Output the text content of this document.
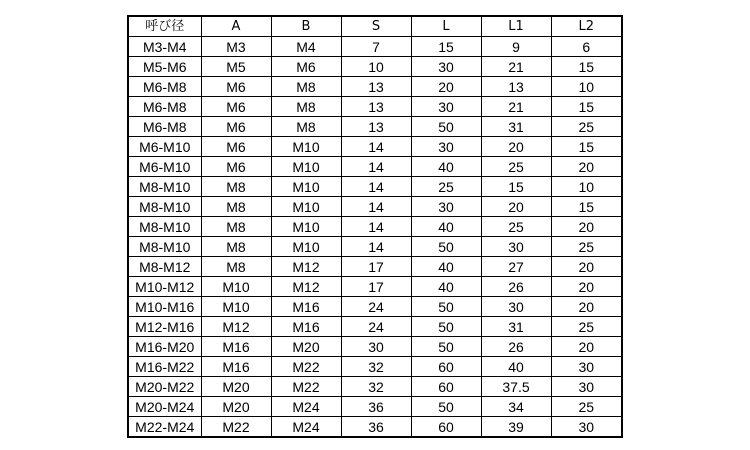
呼び径	A	B	S	L	L1	L2
M3-M4	M3	M4	7	15	9	6
M5-M6	M5	M6	10	30	21	15
M6-M8	M6	M8	13	20	13	10
M6-M8	M6	M8	13	30	21	15
M6-M8	M6	M8	13	50	31	25
M6-M10	M6	M10	14	30	20	15
M6-M10	M6	M10	14	40	25	20
M8-M10	M8	M10	14	25	15	10
M8-M10	M8	M10	14	30	20	15
M8-M10	M8	M10	14	40	25	20
M8-M10	M8	M10	14	50	30	25
M8-M12	M8	M12	17	40	27	20
M10-M12	M10	M12	17	40	26	20
M10-M16	M10	M16	24	50	30	20
M12-M16	M12	M16	24	50	31	25
M16-M20	M16	M20	30	50	26	20
M16-M22	M16	M22	32	60	40	30
M20-M22	M20	M22	32	60	37.5	30
M20-M24	M20	M24	36	50	34	25
M22-M24	M22	M24	36	60	39	30
